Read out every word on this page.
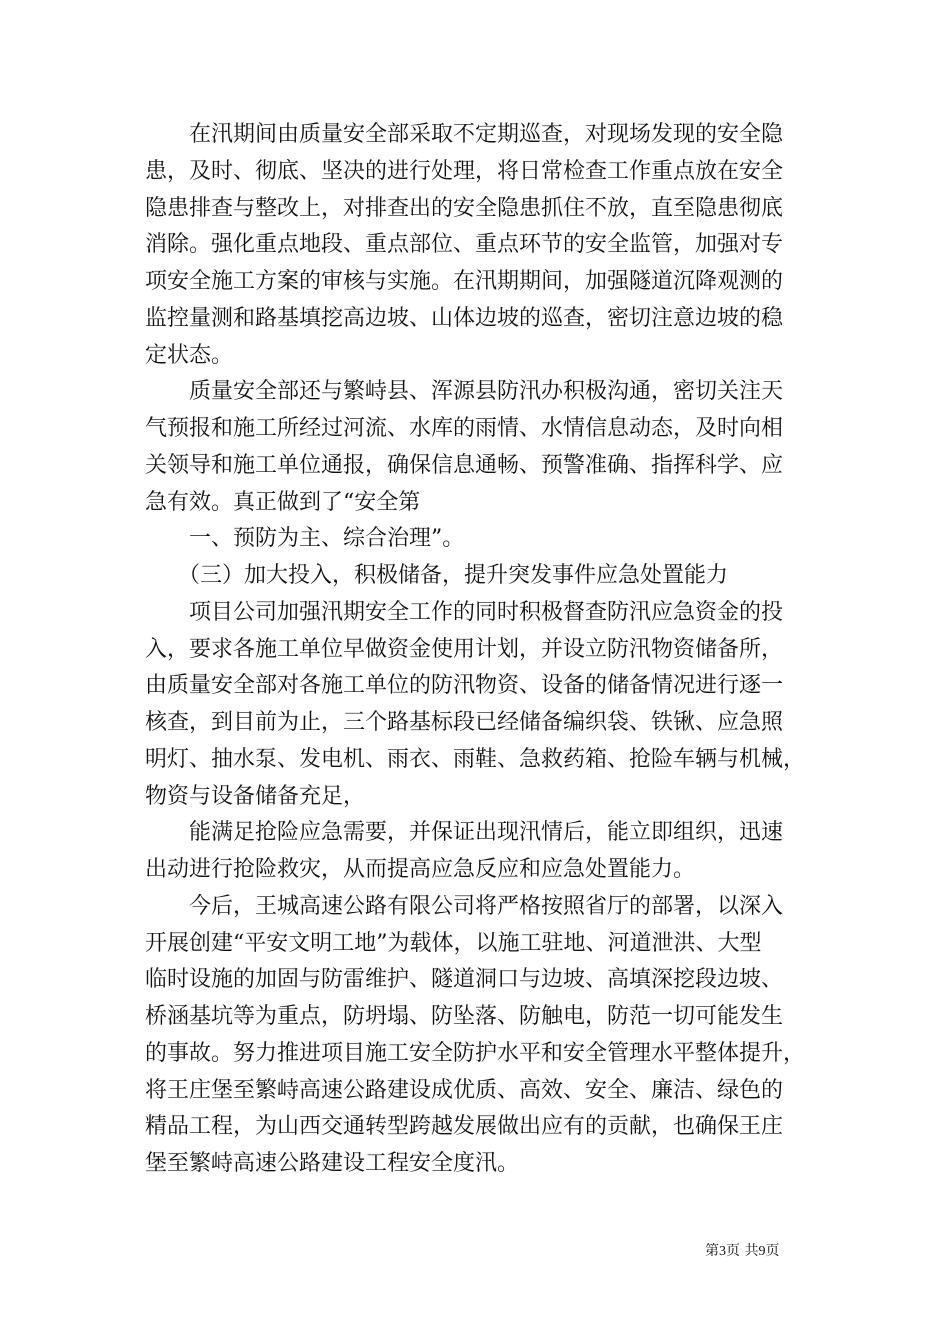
　　在汛期间由质量安全部采取不定期巡查，对现场发现的安全隐
患，及时、彻底、坚决的进行处理，将日常检查工作重点放在安全
隐患排查与整改上，对排查出的安全隐患抓住不放，直至隐患彻底
消除。强化重点地段、重点部位、重点环节的安全监管，加强对专
项安全施工方案的审核与实施。在汛期期间，加强隧道沉降观测的
监控量测和路基填挖高边坡、山体边坡的巡查，密切注意边坡的稳
定状态。
　　质量安全部还与繁峙县、浑源县防汛办积极沟通，密切关注天
气预报和施工所经过河流、水库的雨情、水情信息动态，及时向相
关领导和施工单位通报，确保信息通畅、预警准确、指挥科学、应
急有效。真正做到了“安全第
　　一、预防为主、综合治理”。
　　（三）加大投入，积极储备，提升突发事件应急处置能力
　　项目公司加强汛期安全工作的同时积极督查防汛应急资金的投
入，要求各施工单位早做资金使用计划，并设立防汛物资储备所，
由质量安全部对各施工单位的防汛物资、设备的储备情况进行逐一
核查，到目前为止，三个路基标段已经储备编织袋、铁锹、应急照
明灯、抽水泵、发电机、雨衣、雨鞋、急救药箱、抢险车辆与机械，
物资与设备储备充足，
　　能满足抢险应急需要，并保证出现汛情后，能立即组织，迅速
出动进行抢险救灾，从而提高应急反应和应急处置能力。
　　今后，王城高速公路有限公司将严格按照省厅的部署，以深入
开展创建“平安文明工地”为载体，以施工驻地、河道泄洪、大型
临时设施的加固与防雷维护、隧道洞口与边坡、高填深挖段边坡、
桥涵基坑等为重点，防坍塌、防坠落、防触电，防范一切可能发生
的事故。努力推进项目施工安全防护水平和安全管理水平整体提升，
将王庄堡至繁峙高速公路建设成优质、高效、安全、廉洁、绿色的
精品工程，为山西交通转型跨越发展做出应有的贡献，也确保王庄
堡至繁峙高速公路建设工程安全度汛。
第3页 共9页
